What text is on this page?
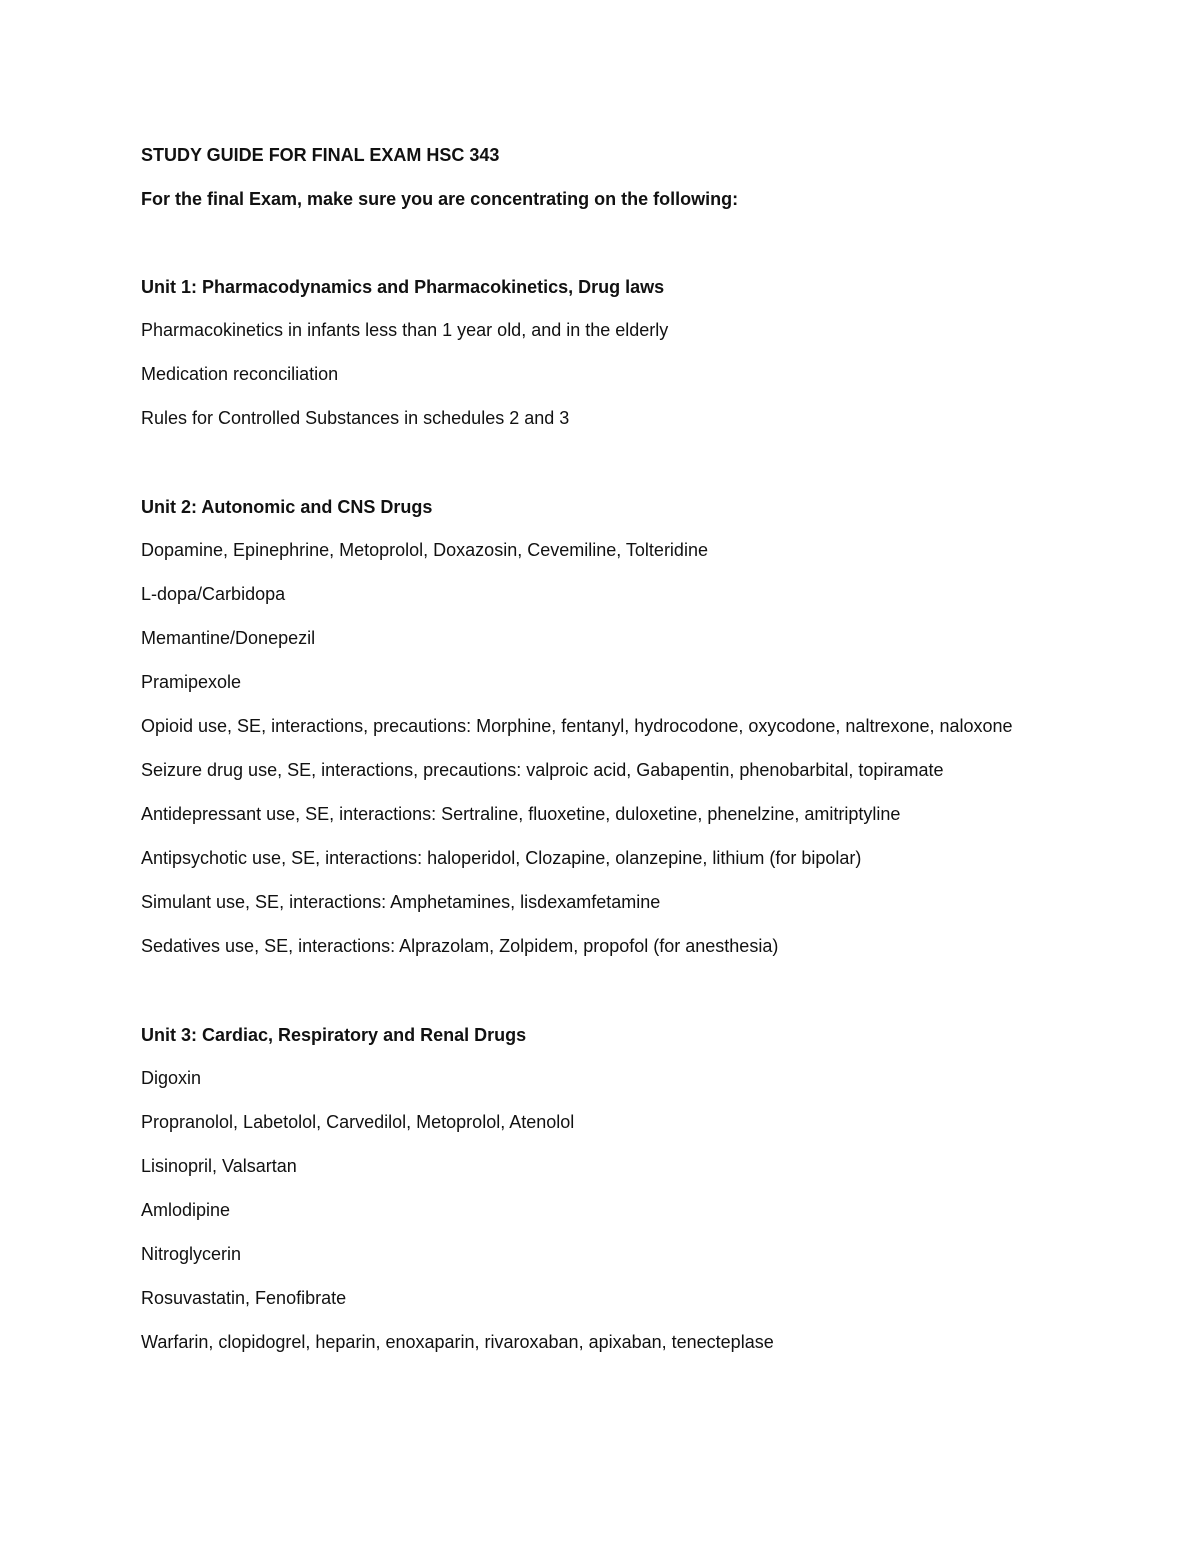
STUDY GUIDE FOR FINAL EXAM HSC 343

For the final Exam, make sure you are concentrating on the following:

Unit 1: Pharmacodynamics and Pharmacokinetics, Drug laws

Pharmacokinetics in infants less than 1 year old, and in the elderly
Medication reconciliation
Rules for Controlled Substances in schedules 2 and 3

Unit 2: Autonomic and CNS Drugs

Dopamine, Epinephrine, Metoprolol, Doxazosin, Cevemiline, Tolteridine
L-dopa/Carbidopa
Memantine/Donepezil
Pramipexole
Opioid use, SE, interactions, precautions: Morphine, fentanyl, hydrocodone, oxycodone, naltrexone, naloxone
Seizure drug use, SE, interactions, precautions: valproic acid, Gabapentin, phenobarbital, topiramate
Antidepressant use, SE, interactions: Sertraline, fluoxetine, duloxetine, phenelzine, amitriptyline
Antipsychotic use, SE, interactions: haloperidol, Clozapine, olanzepine, lithium (for bipolar)
Simulant use, SE, interactions: Amphetamines, lisdexamfetamine
Sedatives use, SE, interactions: Alprazolam, Zolpidem, propofol (for anesthesia)

Unit 3: Cardiac, Respiratory and Renal Drugs

Digoxin
Propranolol, Labetolol, Carvedilol, Metoprolol, Atenolol
Lisinopril, Valsartan
Amlodipine
Nitroglycerin
Rosuvastatin, Fenofibrate
Warfarin, clopidogrel, heparin, enoxaparin, rivaroxaban, apixaban, tenecteplase
